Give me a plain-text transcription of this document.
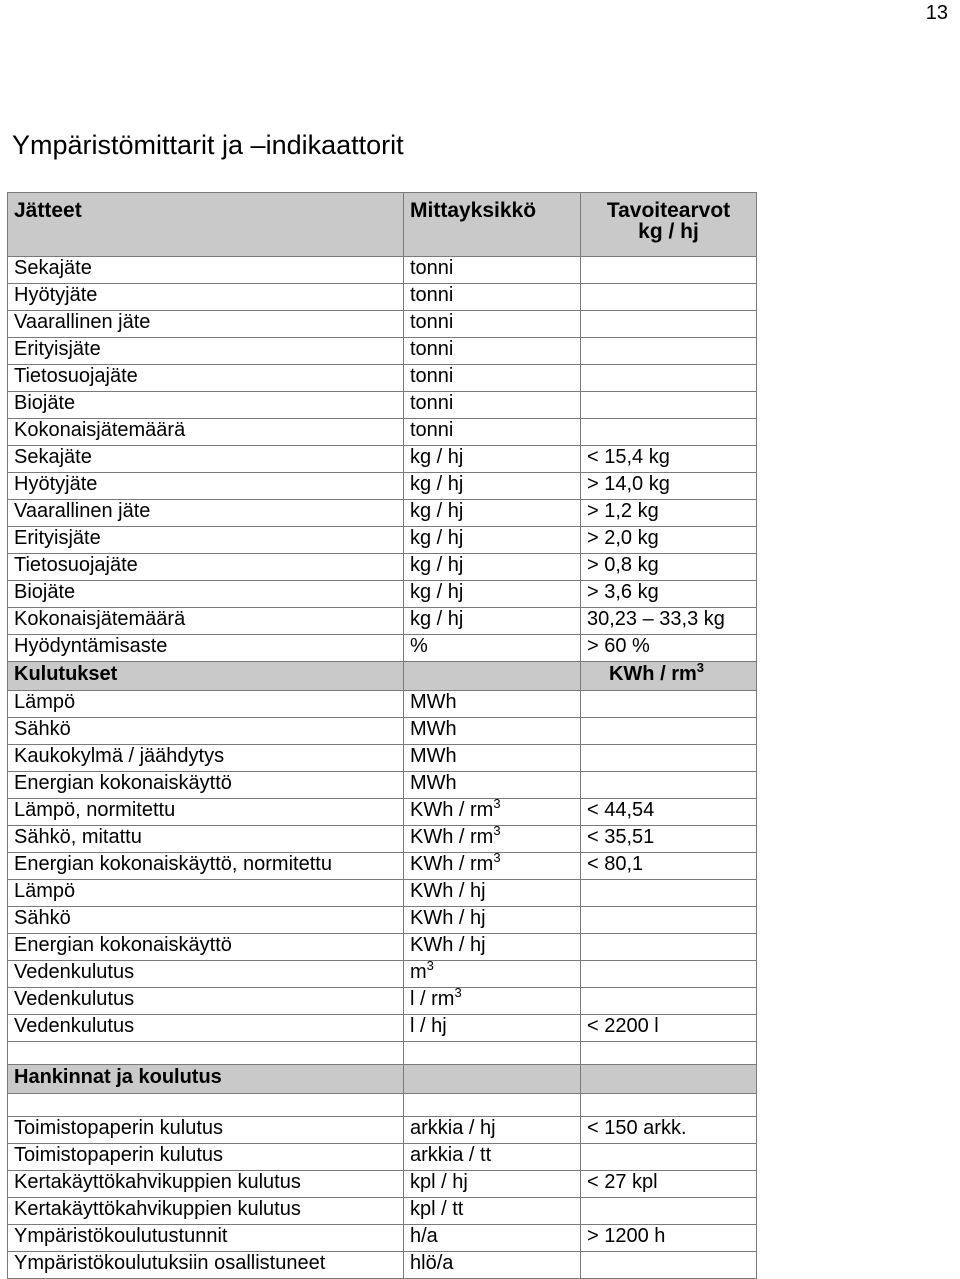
13
Ympäristömittarit ja –indikaattorit
Jätteet	Mittayksikkö	Tavoitearvot kg / hj

Sekajäte	tonni	
Hyötyjäte	tonni	
Vaarallinen jäte	tonni	
Erityisjäte	tonni	
Tietosuojajäte	tonni	
Biojäte	tonni	
Kokonaisjätemäärä	tonni	
Sekajäte	kg / hj	< 15,4 kg
Hyötyjäte	kg / hj	> 14,0 kg
Vaarallinen jäte	kg / hj	> 1,2 kg
Erityisjäte	kg / hj	> 2,0 kg
Tietosuojajäte	kg / hj	> 0,8 kg
Biojäte	kg / hj	> 3,6 kg
Kokonaisjätemäärä	kg / hj	30,23 – 33,3 kg
Hyödyntämisaste	%	> 60 %
Kulutukset		KWh / $rm^3$
Lämpö	MWh	
Sähkö	MWh	
Kaukokylmä / jäähdytys	MWh	
Energian kokonaiskäyttö	MWh	
Lämpö, normitettu	KWh / $rm^3$	< 44,54
Sähkö, mitattu	KWh / $rm^3$	< 35,51
Energian kokonaiskäyttö, normitettu	KWh / $rm^3$	< 80,1
Lämpö	KWh / hj	
Sähkö	KWh / hj	
Energian kokonaiskäyttö	KWh / hj	
Vedenkulutus	$m^3$	
Vedenkulutus	l / $rm^3$	
Vedenkulutus	l / hj	< 2200 l

Hankinnat ja koulutus		

Toimistopaperin kulutus	arkkia / hj	< 150 arkk.
Toimistopaperin kulutus	arkkia / tt	
Kertakäyttökahvikuppien kulutus	kpl / hj	< 27 kpl
Kertakäyttökahvikuppien kulutus	kpl / tt	
Ympäristökoulutustunnit	h/a	> 1200 h
Ympäristökoulutuksiin osallistuneet	hlö/a	
